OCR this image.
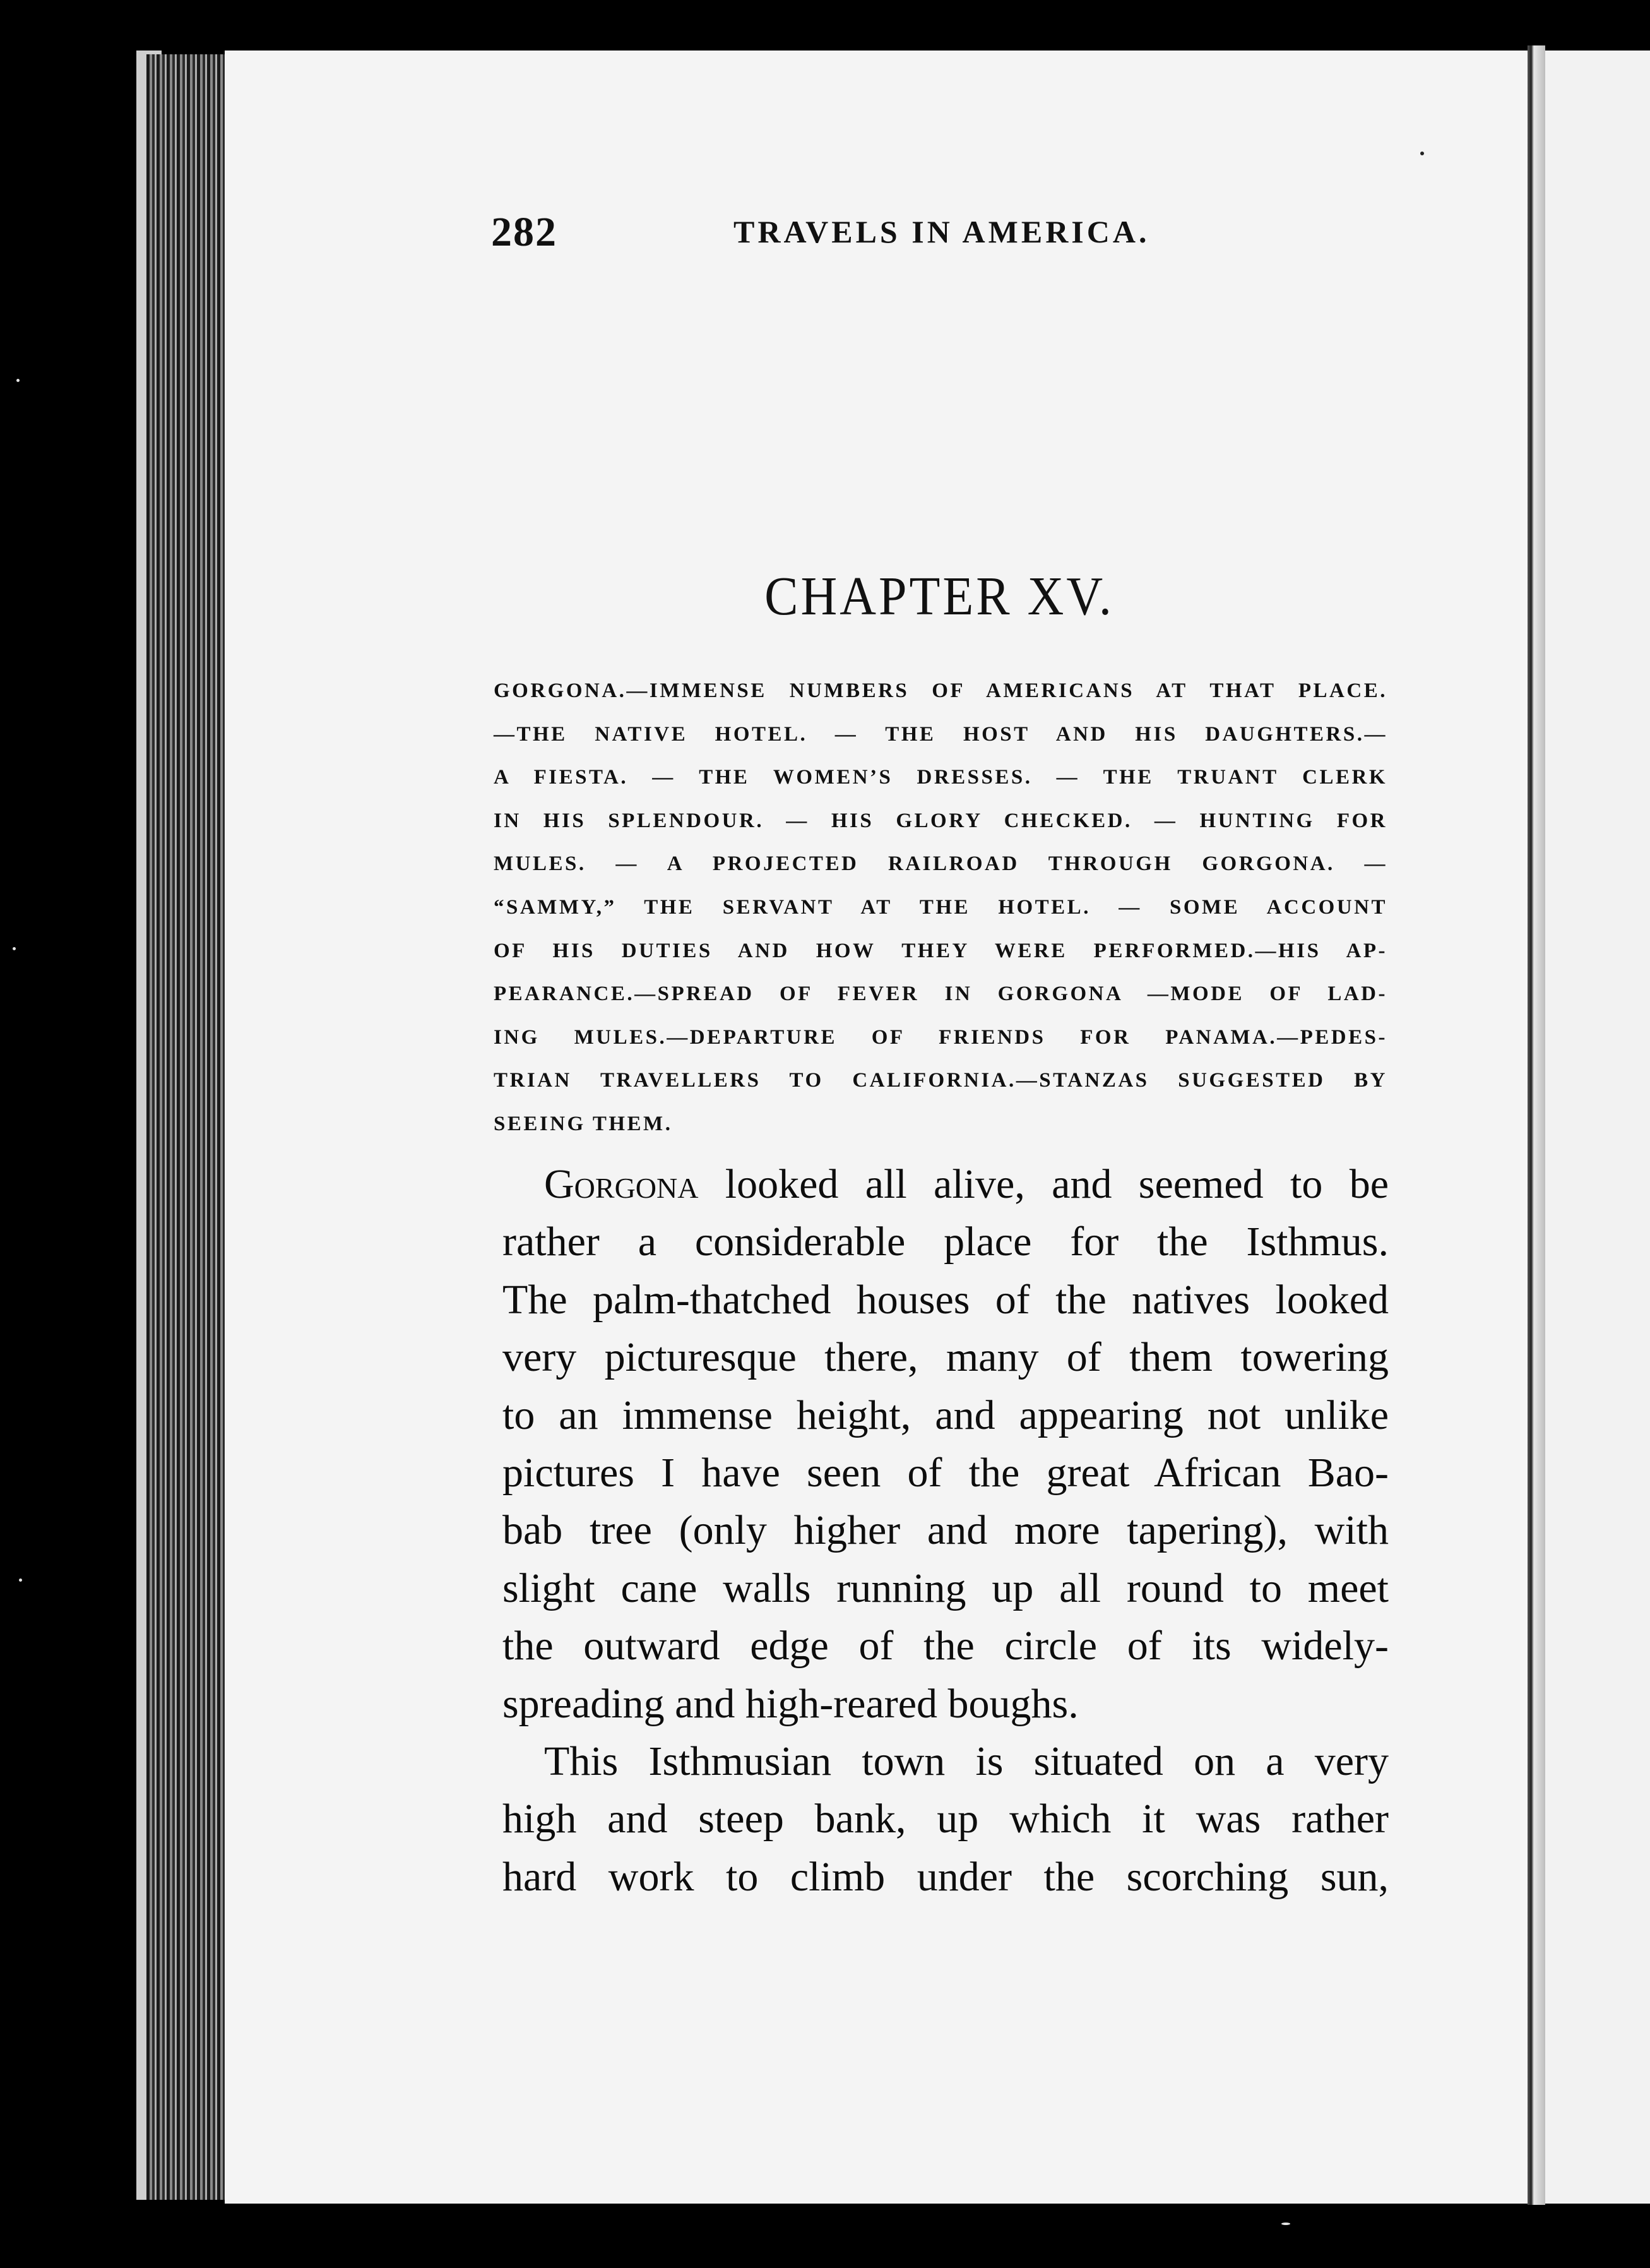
282	TRAVELS IN AMERICA.
CHAPTER XV.
GORGONA.—IMMENSE NUMBERS OF AMERICANS AT THAT PLACE.
—THE NATIVE HOTEL. — THE HOST AND HIS DAUGHTERS.—
A FIESTA. — THE WOMEN’S DRESSES. — THE TRUANT CLERK
IN HIS SPLENDOUR. — HIS GLORY CHECKED. — HUNTING FOR
MULES. — A PROJECTED RAILROAD THROUGH GORGONA. —
“SAMMY,” THE SERVANT AT THE HOTEL. — SOME ACCOUNT
OF HIS DUTIES AND HOW THEY WERE PERFORMED.—HIS AP-
PEARANCE.—SPREAD OF FEVER IN GORGONA —MODE OF LAD-
ING MULES.—DEPARTURE OF FRIENDS FOR PANAMA.—PEDES-
TRIAN TRAVELLERS TO CALIFORNIA.—STANZAS SUGGESTED BY
SEEING THEM.
Gorgona looked all alive, and seemed to be
rather a considerable place for the Isthmus.
The palm-thatched houses of the natives looked
very picturesque there, many of them towering
to an immense height, and appearing not unlike
pictures I have seen of the great African Bao-
bab tree (only higher and more tapering), with
slight cane walls running up all round to meet
the outward edge of the circle of its widely-
spreading and high-reared boughs.
This Isthmusian town is situated on a very
high and steep bank, up which it was rather
hard work to climb under the scorching sun,
